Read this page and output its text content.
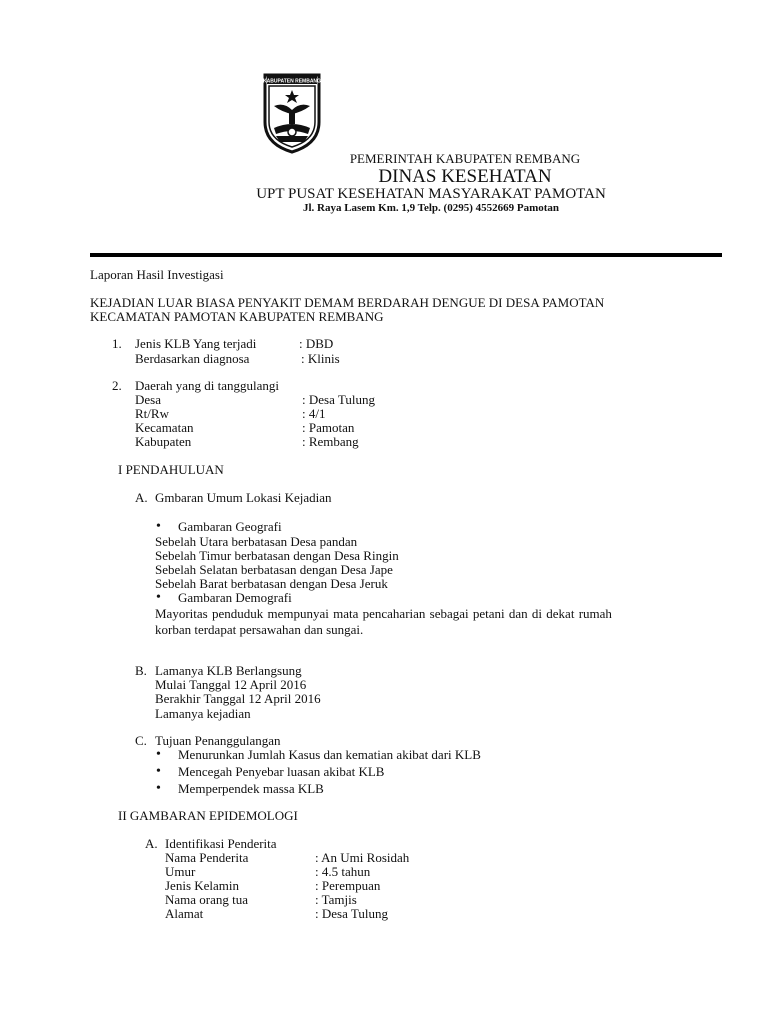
KABUPATEN REMBANG
PEMERINTAH KABUPATEN REMBANG
DINAS KESEHATAN
UPT PUSAT KESEHATAN MASYARAKAT PAMOTAN
Jl. Raya Lasem Km. 1,9 Telp. (0295) 4552669 Pamotan
Laporan Hasil Investigasi
KEJADIAN LUAR BIASA PENYAKIT DEMAM BERDARAH DENGUE DI DESA PAMOTAN
KECAMATAN PAMOTAN KABUPATEN REMBANG
1. Jenis KLB Yang terjadi	: DBD
Berdasarkan diagnosa	: Klinis
2. Daerah yang di tanggulangi
Desa	: Desa Tulung
Rt/Rw	: 4/1
Kecamatan	: Pamotan
Kabupaten	: Rembang
I PENDAHULUAN
A. Gmbaran Umum Lokasi Kejadian
• Gambaran Geografi
Sebelah Utara berbatasan Desa pandan
Sebelah Timur berbatasan dengan Desa Ringin
Sebelah Selatan berbatasan dengan Desa Jape
Sebelah Barat berbatasan dengan Desa Jeruk
• Gambaran Demografi
Mayoritas penduduk mempunyai mata pencaharian sebagai petani dan di dekat rumah
korban terdapat persawahan dan sungai.
B. Lamanya KLB Berlangsung
Mulai Tanggal 12 April 2016
Berakhir Tanggal 12 April 2016
Lamanya kejadian
C. Tujuan Penanggulangan
• Menurunkan Jumlah Kasus dan kematian akibat dari KLB
• Mencegah Penyebar luasan akibat KLB
• Memperpendek massa KLB
II GAMBARAN EPIDEMOLOGI
A. Identifikasi Penderita
Nama Penderita	: An Umi Rosidah
Umur	: 4.5 tahun
Jenis Kelamin	: Perempuan
Nama orang tua	: Tamjis
Alamat	: Desa Tulung
